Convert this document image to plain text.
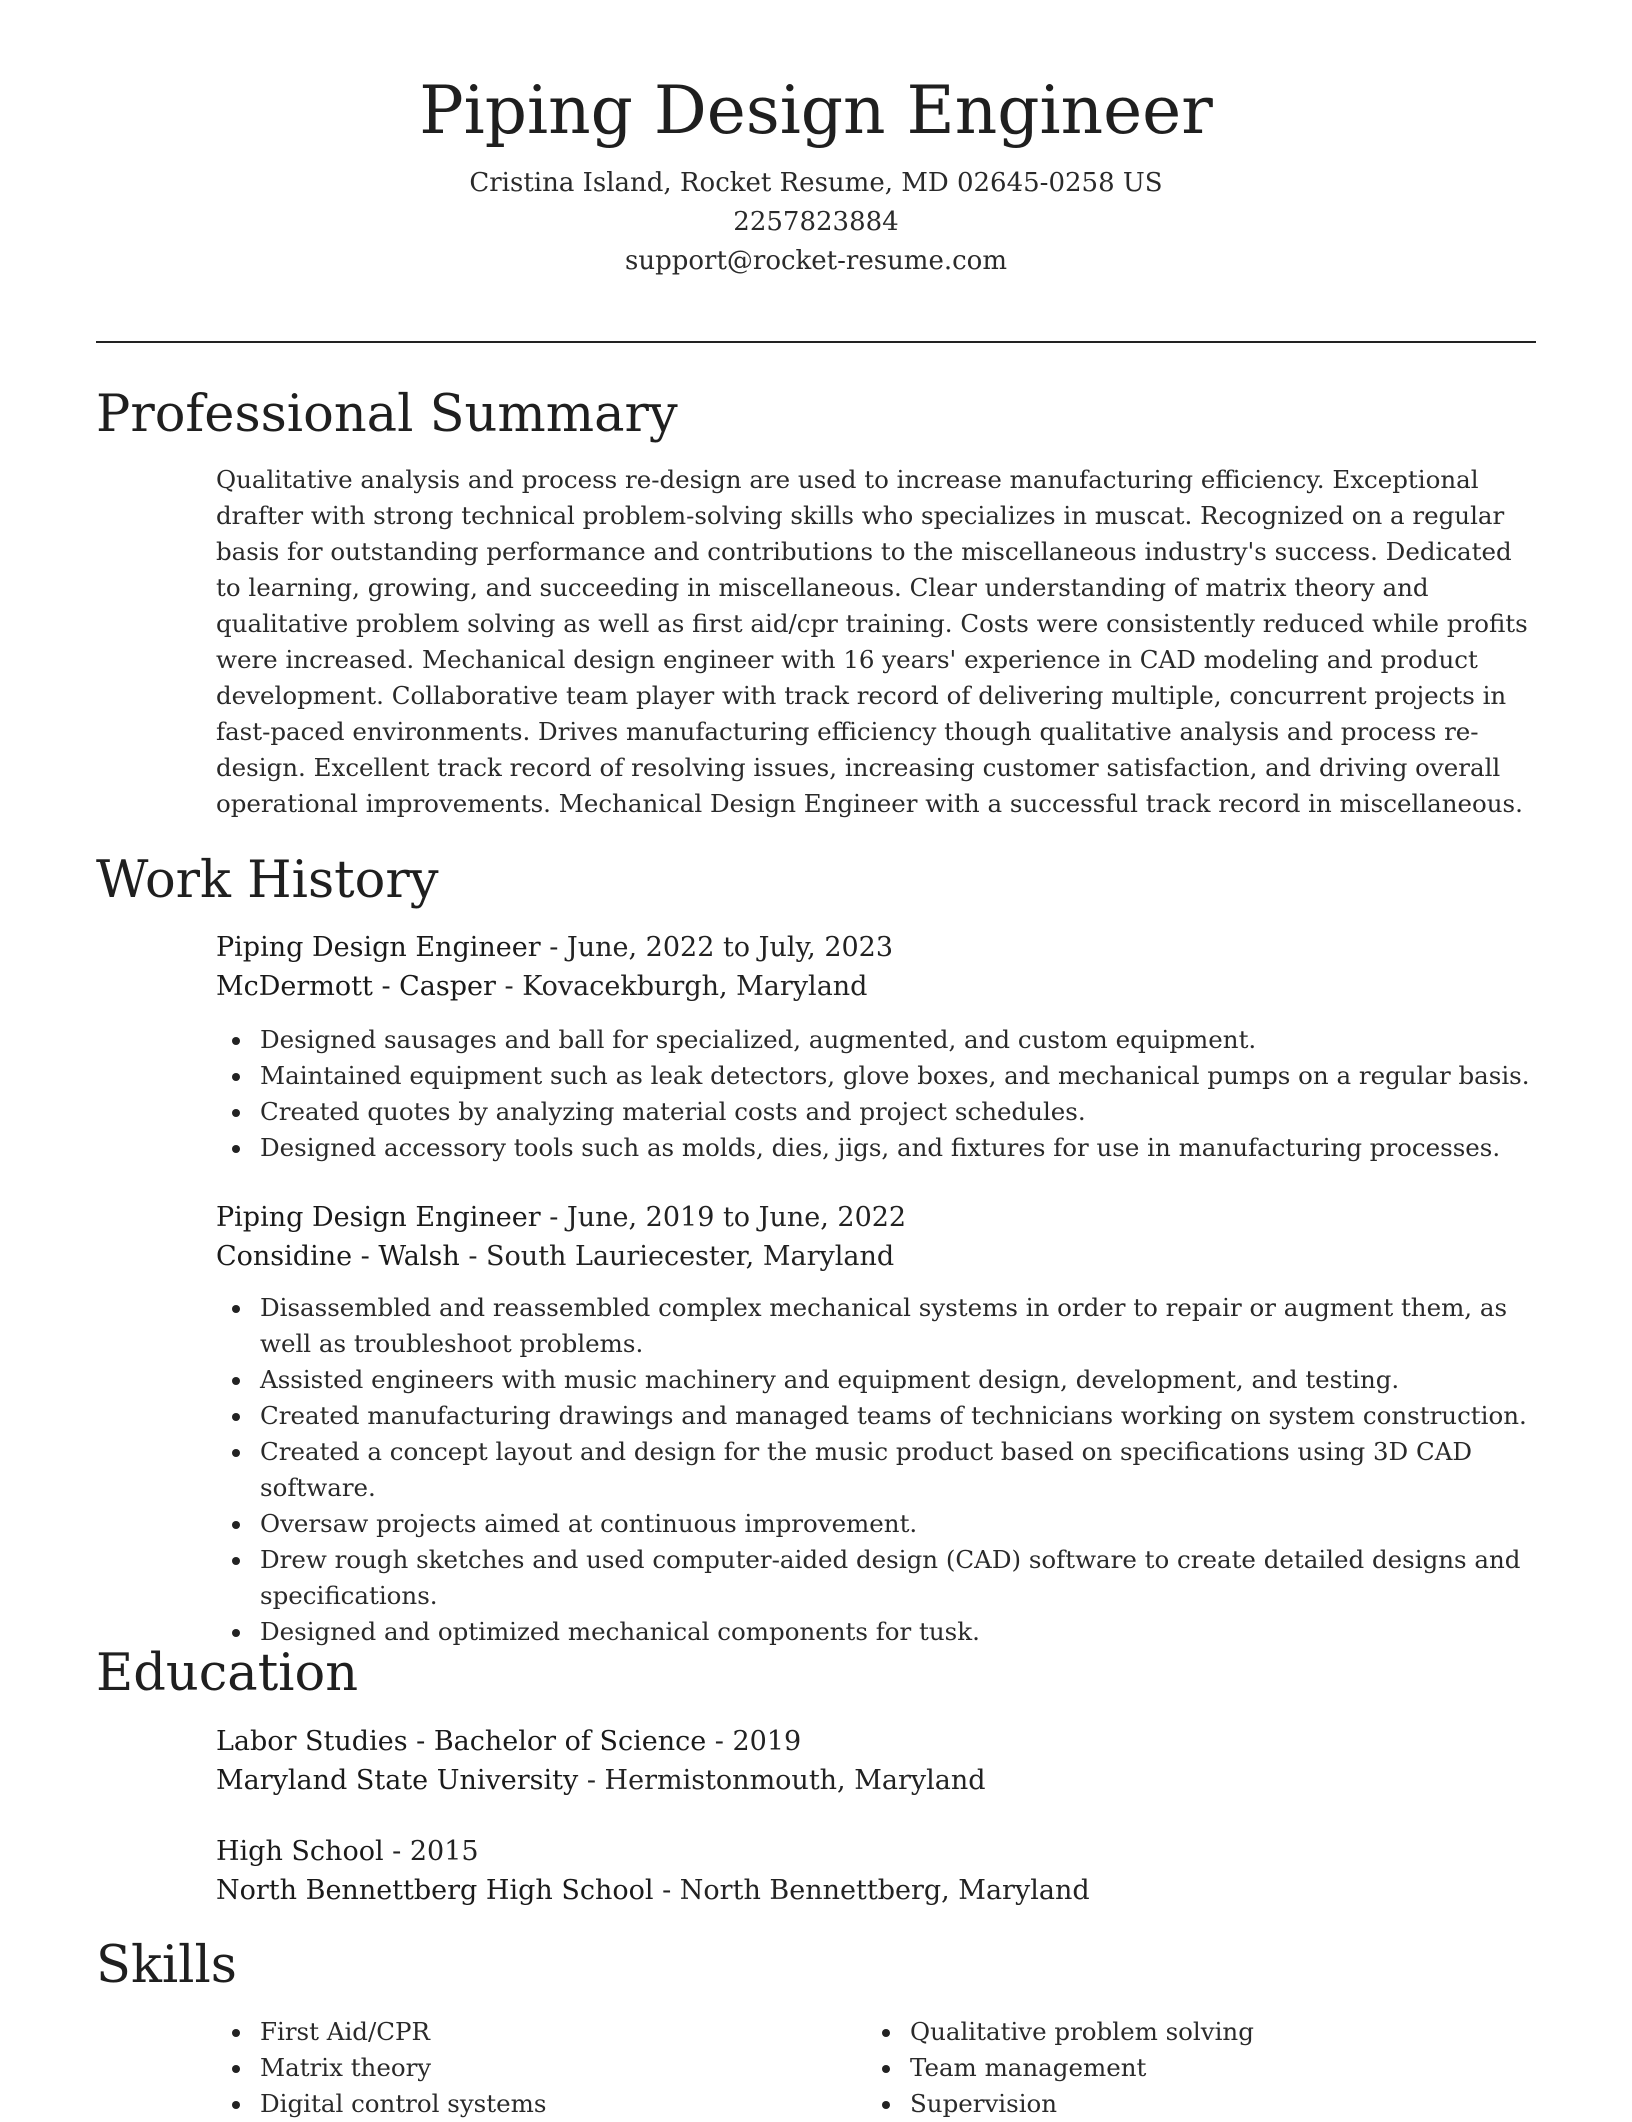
Piping Design Engineer
Cristina Island, Rocket Resume, MD 02645-0258 US
2257823884
support@rocket-resume.com
Professional Summary
Qualitative analysis and process re-design are used to increase manufacturing efficiency. Exceptional drafter with strong technical problem-solving skills who specializes in muscat. Recognized on a regular basis for outstanding performance and contributions to the miscellaneous industry's success. Dedicated to learning, growing, and succeeding in miscellaneous. Clear understanding of matrix theory and qualitative problem solving as well as first aid/cpr training. Costs were consistently reduced while profits were increased. Mechanical design engineer with 16 years' experience in CAD modeling and product development. Collaborative team player with track record of delivering multiple, concurrent projects in fast-paced environments. Drives manufacturing efficiency though qualitative analysis and process re-design. Excellent track record of resolving issues, increasing customer satisfaction, and driving overall operational improvements. Mechanical Design Engineer with a successful track record in miscellaneous.
Work History
Piping Design Engineer - June, 2022 to July, 2023
McDermott - Casper - Kovacekburgh, Maryland
Designed sausages and ball for specialized, augmented, and custom equipment.
Maintained equipment such as leak detectors, glove boxes, and mechanical pumps on a regular basis.
Created quotes by analyzing material costs and project schedules.
Designed accessory tools such as molds, dies, jigs, and fixtures for use in manufacturing processes.
Piping Design Engineer - June, 2019 to June, 2022
Considine - Walsh - South Lauriecester, Maryland
Disassembled and reassembled complex mechanical systems in order to repair or augment them, as well as troubleshoot problems.
Assisted engineers with music machinery and equipment design, development, and testing.
Created manufacturing drawings and managed teams of technicians working on system construction.
Created a concept layout and design for the music product based on specifications using 3D CAD software.
Oversaw projects aimed at continuous improvement.
Drew rough sketches and used computer-aided design (CAD) software to create detailed designs and specifications.
Designed and optimized mechanical components for tusk.
Education
Labor Studies - Bachelor of Science - 2019
Maryland State University - Hermistonmouth, Maryland
High School - 2015
North Bennettberg High School - North Bennettberg, Maryland
Skills
First Aid/CPR
Matrix theory
Digital control systems
Qualitative problem solving
Team management
Supervision
